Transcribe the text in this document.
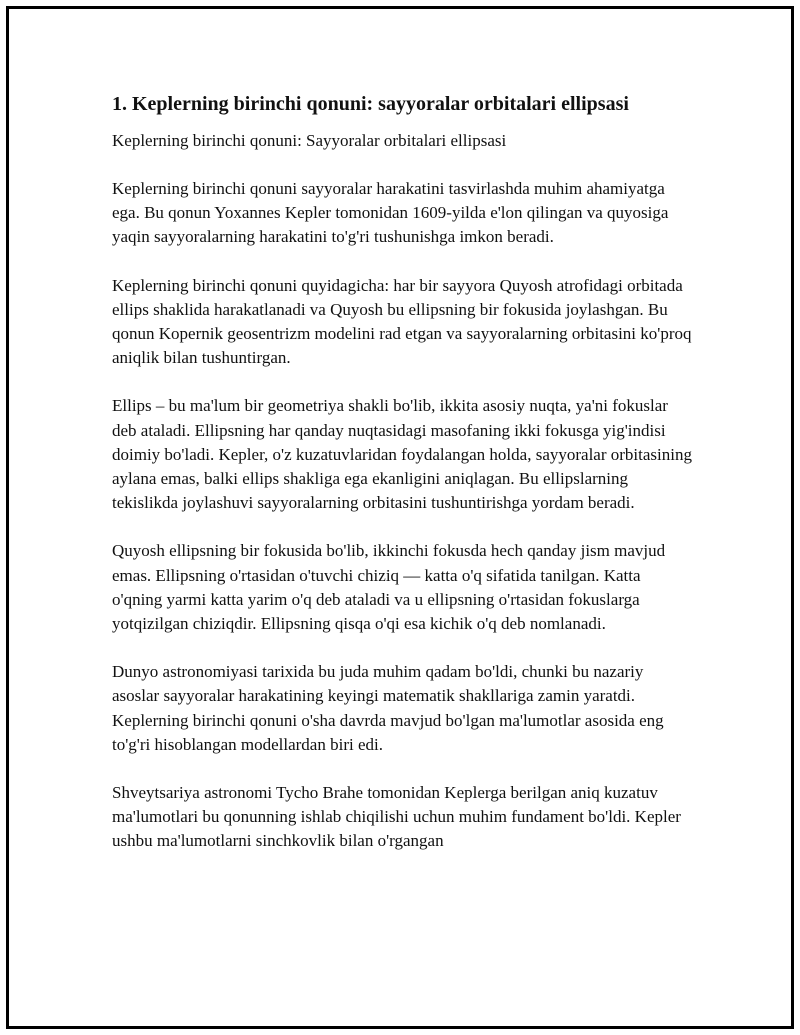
1. Keplerning birinchi qonuni: sayyoralar orbitalari ellipsasi

Keplerning birinchi qonuni: Sayyoralar orbitalari ellipsasi

Keplerning birinchi qonuni sayyoralar harakatini tasvirlashda muhim ahamiyatga ega. Bu qonun Yoxannes Kepler tomonidan 1609-yilda e'lon qilingan va quyosiga yaqin sayyoralarning harakatini to'g'ri tushunishga imkon beradi.

Keplerning birinchi qonuni quyidagicha: har bir sayyora Quyosh atrofidagi orbitada ellips shaklida harakatlanadi va Quyosh bu ellipsning bir fokusida joylashgan. Bu qonun Kopernik geosentrizm modelini rad etgan va sayyoralarning orbitasini ko'proq aniqlik bilan tushuntirgan.

Ellips – bu ma'lum bir geometriya shakli bo'lib, ikkita asosiy nuqta, ya'ni fokuslar deb ataladi. Ellipsning har qanday nuqtasidagi masofaning ikki fokusga yig'indisi doimiy bo'ladi. Kepler, o'z kuzatuvlaridan foydalangan holda, sayyoralar orbitasining aylana emas, balki ellips shakliga ega ekanligini aniqlagan. Bu ellipslarning tekislikda joylashuvi sayyoralarning orbitasini tushuntirishga yordam beradi.

Quyosh ellipsning bir fokusida bo'lib, ikkinchi fokusda hech qanday jism mavjud emas. Ellipsning o'rtasidan o'tuvchi chiziq — katta o'q sifatida tanilgan. Katta o'qning yarmi katta yarim o'q deb ataladi va u ellipsning o'rtasidan fokuslarga yotqizilgan chiziqdir. Ellipsning qisqa o'qi esa kichik o'q deb nomlanadi.

Dunyo astronomiyasi tarixida bu juda muhim qadam bo'ldi, chunki bu nazariy asoslar sayyoralar harakatining keyingi matematik shakllariga zamin yaratdi. Keplerning birinchi qonuni o'sha davrda mavjud bo'lgan ma'lumotlar asosida eng to'g'ri hisoblangan modellardan biri edi.

Shveytsariya astronomi Tycho Brahe tomonidan Keplerga berilgan aniq kuzatuv ma'lumotlari bu qonunning ishlab chiqilishi uchun muhim fundament bo'ldi. Kepler ushbu ma'lumotlarni sinchkovlik bilan o'rgangan
